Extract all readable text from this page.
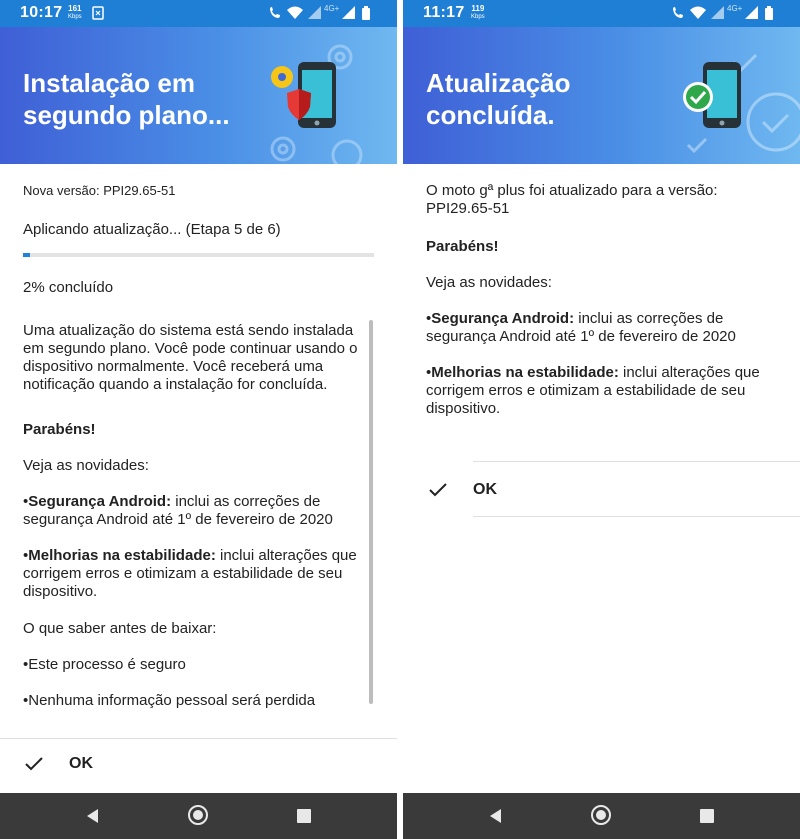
10:17 161
Kbps
4G+
Instalação em
segundo plano...
Nova versão: PPI29.65-51
Aplicando atualização... (Etapa 5 de 6)
2% concluído
Uma atualização do sistema está sendo instalada em segundo plano. Você pode continuar usando o dispositivo normalmente. Você receberá uma notificação quando a instalação for concluída.
Parabéns!
Veja as novidades:
•Segurança Android: inclui as correções de segurança Android até 1º de fevereiro de 2020
•Melhorias na estabilidade: inclui alterações que corrigem erros e otimizam a estabilidade de seu dispositivo.
O que saber antes de baixar:
•Este processo é seguro
•Nenhuma informação pessoal será perdida
OK
11:17 119
Kbps
4G+
Atualização
concluída.
O moto gª plus foi atualizado para a versão: PPI29.65-51
Parabéns!
Veja as novidades:
•Segurança Android: inclui as correções de segurança Android até 1º de fevereiro de 2020
•Melhorias na estabilidade: inclui alterações que corrigem erros e otimizam a estabilidade de seu dispositivo.
OK
